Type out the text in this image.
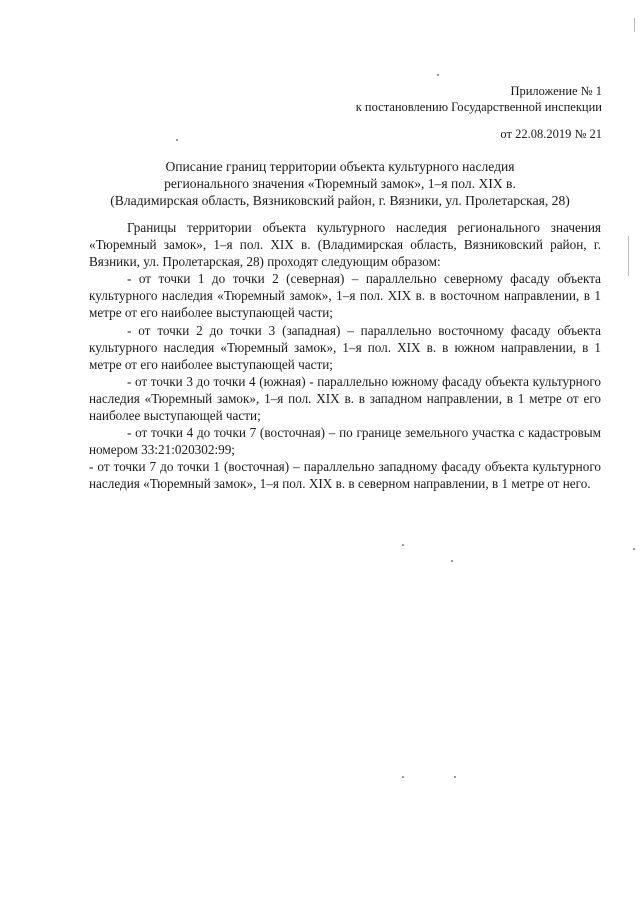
Приложение № 1
к постановлению Государственной инспекции
от 22.08.2019 № 21
Описание границ территории объекта культурного наследия
регионального значения «Тюремный замок», 1–я пол. XIX в.
(Владимирская область, Вязниковский район, г. Вязники, ул. Пролетарская, 28)

Границы территории объекта культурного наследия регионального значения «Тюремный замок», 1–я пол. XIX в. (Владимирская область, Вязниковский район, г. Вязники, ул. Пролетарская, 28) проходят следующим образом:

- от точки 1 до точки 2 (северная) – параллельно северному фасаду объекта культурного наследия «Тюремный замок», 1–я пол. XIX в. в восточном направлении, в 1 метре от его наиболее выступающей части;

- от точки 2 до точки 3 (западная) – параллельно восточному фасаду объекта культурного наследия «Тюремный замок», 1–я пол. XIX в. в южном направлении, в 1 метре от его наиболее выступающей части;

- от точки 3 до точки 4 (южная) - параллельно южному фасаду объекта культурного наследия «Тюремный замок», 1–я пол. XIX в. в западном направлении, в 1 метре от его наиболее выступающей части;

- от точки 4 до точки 7 (восточная) – по границе земельного участка с кадастровым номером 33:21:020302:99;

- от точки 7 до точки 1 (восточная) – параллельно западному фасаду объекта культурного наследия «Тюремный замок», 1–я пол. XIX в. в северном направлении, в 1 метре от него.
